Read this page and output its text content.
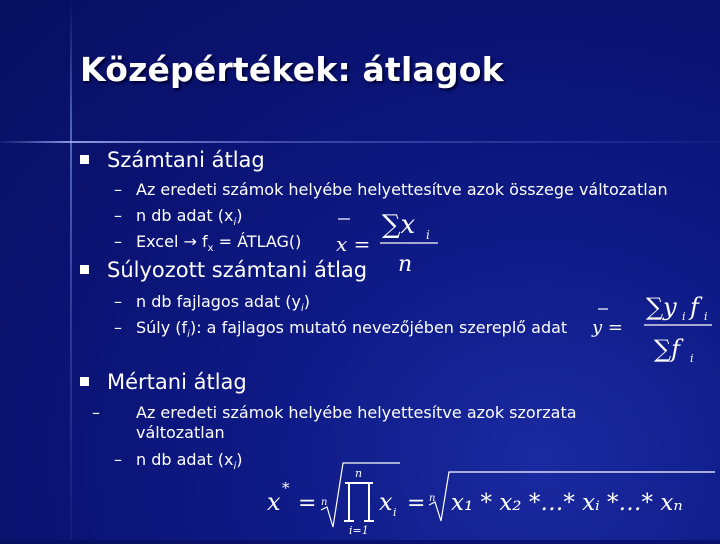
Középértékek: átlagok
Számtani átlag
– Az eredeti számok helyébe helyettesítve azok összege változatlan
– n db adat $(x_i)$
– Excel → $f_x$ = ÁTLAG()
Súlyozott számtani átlag
– n db fajlagos adat $(y_i)$
– Súly $(f_i)$: a fajlagos mutató nevezőjében szereplő adat
Mértani átlag
– Az eredeti számok helyébe helyettesítve azok szorzata változatlan
– n db adat $(x_i)$
x =
∑x i
n
y =
∑y i f i
∑f i
x *
= n
n
i=1
x i = n x₁ * x₂ *…* xᵢ *…* xₙ
